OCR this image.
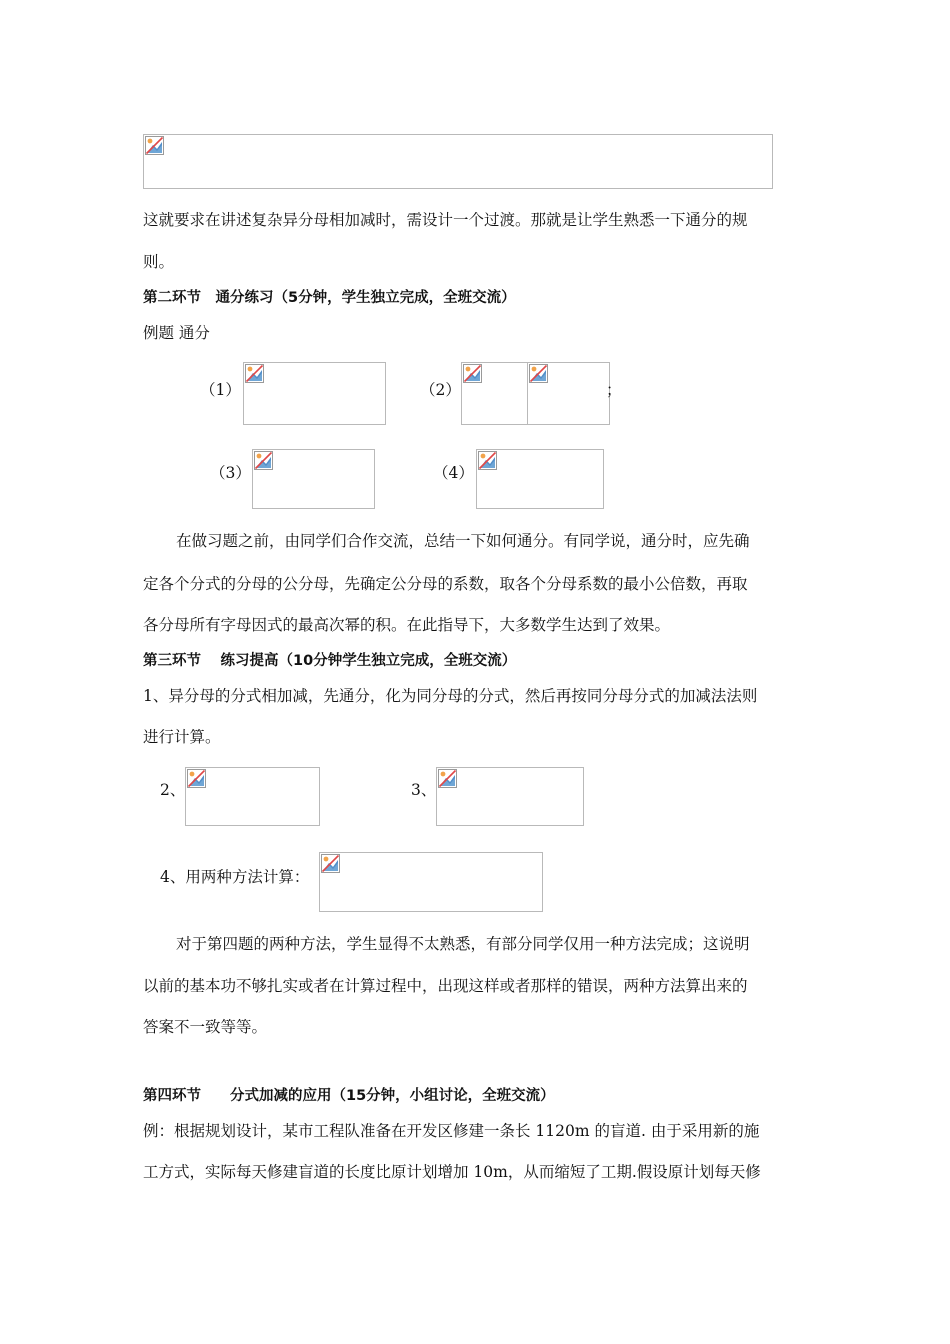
这就要求在讲述复杂异分母相加减时，需设计一个过渡。那就是让学生熟悉一下通分的规
则。
第二环节　通分练习（5分钟，学生独立完成，全班交流）
例题 通分
（1）	（2）	；
（3）	（4）
在做习题之前，由同学们合作交流，总结一下如何通分。有同学说，通分时，应先确
定各个分式的分母的公分母，先确定公分母的系数，取各个分母系数的最小公倍数，再取
各分母所有字母因式的最高次幂的积。在此指导下，大多数学生达到了效果。
第三环节　 练习提高（10分钟学生独立完成，全班交流）
1、异分母的分式相加减，先通分，化为同分母的分式，然后再按同分母分式的加减法法则
进行计算。
2、	3、
4、用两种方法计算：
对于第四题的两种方法，学生显得不太熟悉，有部分同学仅用一种方法完成；这说明
以前的基本功不够扎实或者在计算过程中，出现这样或者那样的错误，两种方法算出来的
答案不一致等等。
第四环节　　分式加减的应用（15分钟，小组讨论，全班交流）
例：根据规划设计，某市工程队准备在开发区修建一条长 1120m 的盲道. 由于采用新的施
工方式，实际每天修建盲道的长度比原计划增加 10m，从而缩短了工期.假设原计划每天修
